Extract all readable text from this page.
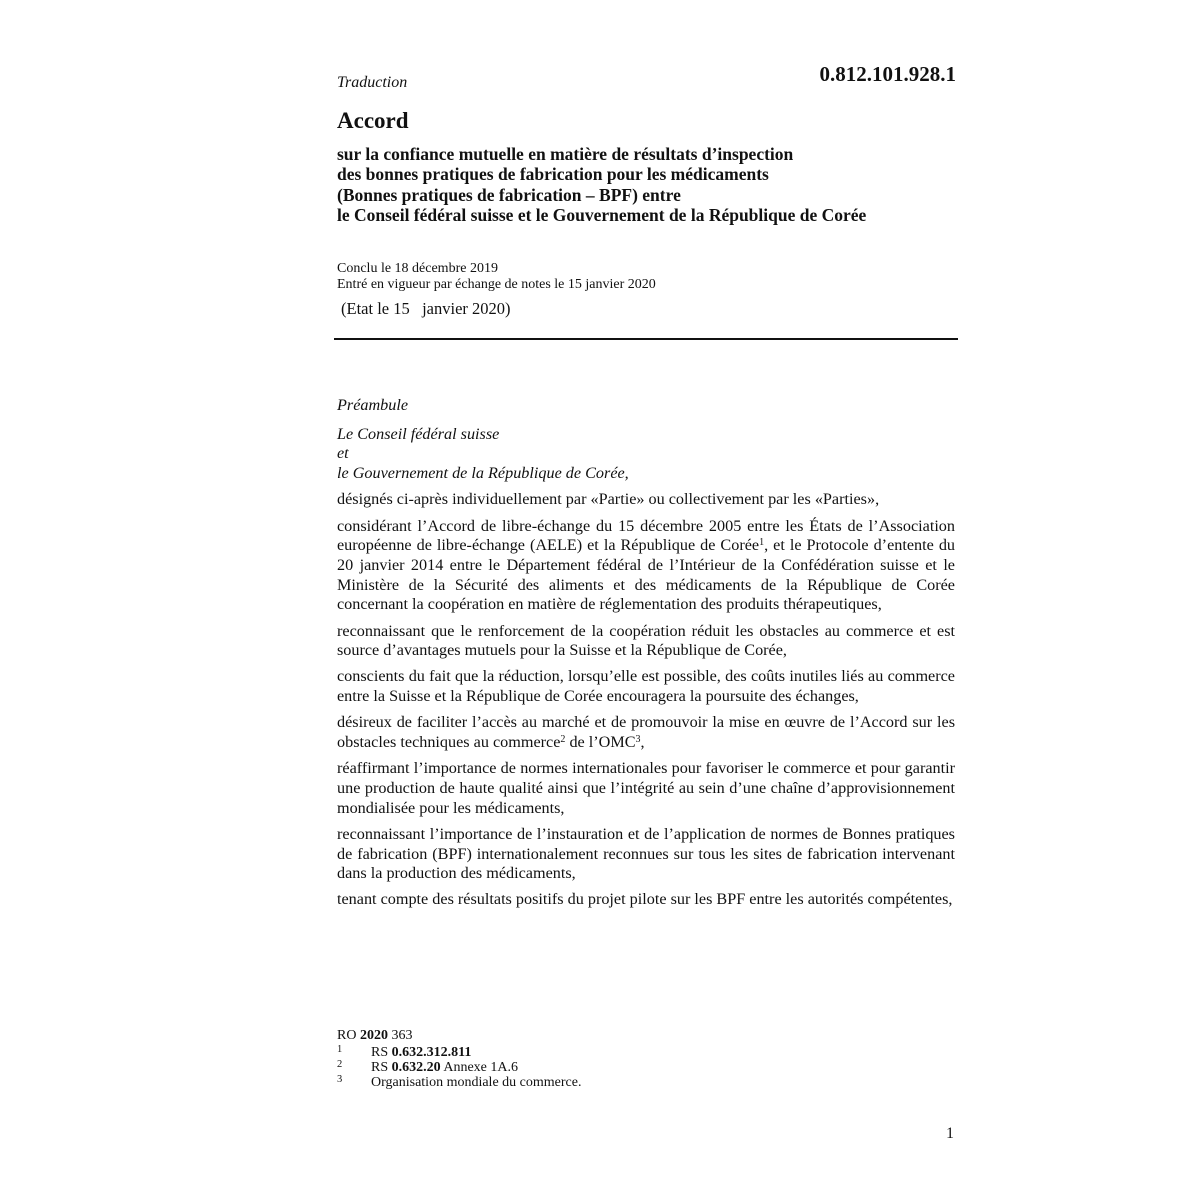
Traduction	0.812.101.928.1
Accord
sur la confiance mutuelle en matière de résultats d’inspection
des bonnes pratiques de fabrication pour les médicaments
(Bonnes pratiques de fabrication – BPF) entre
le Conseil fédéral suisse et le Gouvernement de la République de Corée
Conclu le 18 décembre 2019
Entré en vigueur par échange de notes le 15 janvier 2020
(Etat le 15   janvier 2020)

Préambule

Le Conseil fédéral suisse

et

le Gouvernement de la République de Corée,

désignés ci-après individuellement par «Partie» ou collectivement par les «Parties»,

considérant l’Accord de libre-échange du 15 décembre 2005 entre les États de l’Association européenne de libre-échange (AELE) et la République de Corée$^1$, et le Protocole d’entente du 20 janvier 2014 entre le Département fédéral de l’Intérieur de la Confédération suisse et le Ministère de la Sécurité des aliments et des médicaments de la République de Corée concernant la coopération en matière de réglementation des produits thérapeutiques,

reconnaissant que le renforcement de la coopération réduit les obstacles au commerce et est source d’avantages mutuels pour la Suisse et la République de Corée,

conscients du fait que la réduction, lorsqu’elle est possible, des coûts inutiles liés au commerce entre la Suisse et la République de Corée encouragera la poursuite des échanges,

désireux de faciliter l’accès au marché et de promouvoir la mise en œuvre de l’Accord sur les obstacles techniques au commerce$^2$ de l’OMC$^3$,

réaffirmant l’importance de normes internationales pour favoriser le commerce et pour garantir une production de haute qualité ainsi que l’intégrité au sein d’une chaîne d’approvisionnement mondialisée pour les médicaments,

reconnaissant l’importance de l’instauration et de l’application de normes de Bonnes pratiques de fabrication (BPF) internationalement reconnues sur tous les sites de fabrication intervenant dans la production des médicaments,

tenant compte des résultats positifs du projet pilote sur les BPF entre les autorités compétentes,

RO 2020 363
1	RS 0.632.312.811
2	RS 0.632.20 Annexe 1A.6
3	Organisation mondiale du commerce.
1
